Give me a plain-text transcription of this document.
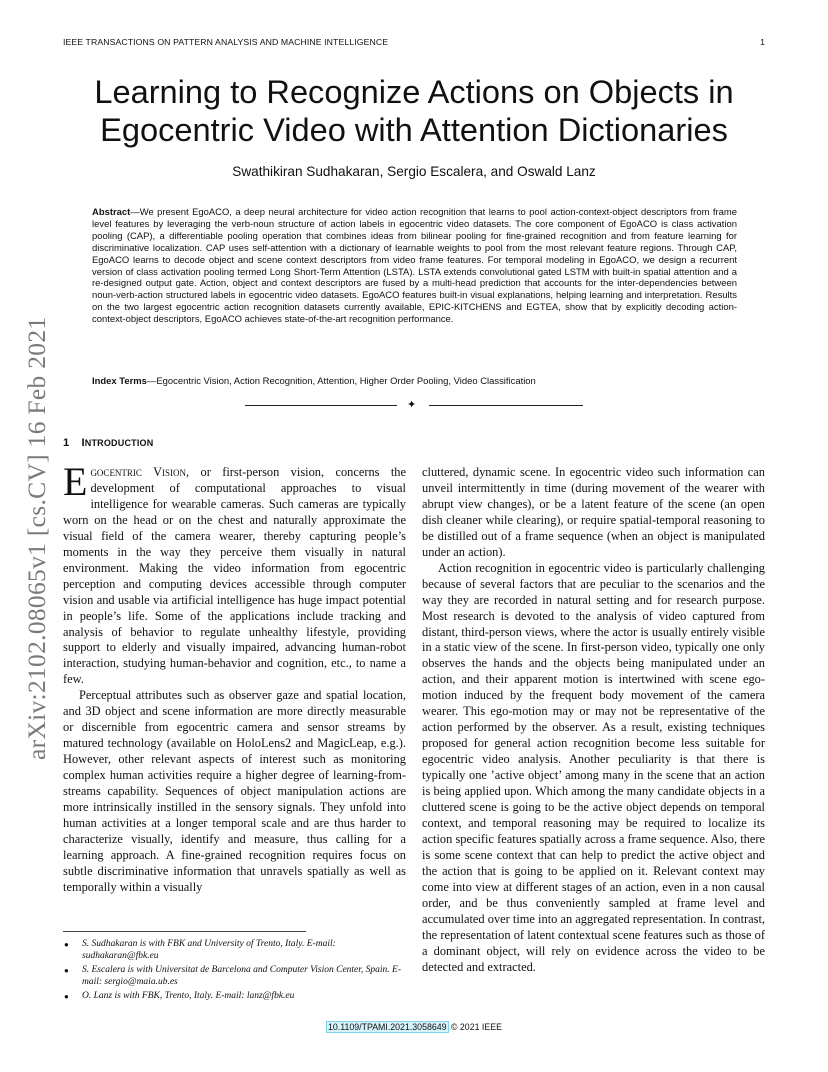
IEEE TRANSACTIONS ON PATTERN ANALYSIS AND MACHINE INTELLIGENCE	1
arXiv:2102.08065v1 [cs.CV] 16 Feb 2021
Learning to Recognize Actions on Objects in
Egocentric Video with Attention Dictionaries
Swathikiran Sudhakaran, Sergio Escalera, and Oswald Lanz
Abstract—We present EgoACO, a deep neural architecture for video action recognition that learns to pool action-context-object descriptors from frame level features by leveraging the verb-noun structure of action labels in egocentric video datasets. The core component of EgoACO is class activation pooling (CAP), a differentiable pooling operation that combines ideas from bilinear pooling for fine-grained recognition and from feature learning for discriminative localization. CAP uses self-attention with a dictionary of learnable weights to pool from the most relevant feature regions. Through CAP, EgoACO learns to decode object and scene context descriptors from video frame features. For temporal modeling in EgoACO, we design a recurrent version of class activation pooling termed Long Short-Term Attention (LSTA). LSTA extends convolutional gated LSTM with built-in spatial attention and a re-designed output gate. Action, object and context descriptors are fused by a multi-head prediction that accounts for the inter-dependencies between noun-verb-action structured labels in egocentric video datasets. EgoACO features built-in visual explanations, helping learning and interpretation. Results on the two largest egocentric action recognition datasets currently available, EPIC-KITCHENS and EGTEA, show that by explicitly decoding action-context-object descriptors, EgoACO achieves state-of-the-art recognition performance.
Index Terms—Egocentric Vision, Action Recognition, Attention, Higher Order Pooling, Video Classification
✦
1 INTRODUCTION

Egocentric Vision, or first-person vision, concerns the development of computational approaches to visual intelligence for wearable cameras. Such cameras are typically worn on the head or on the chest and naturally approximate the visual field of the camera wearer, thereby capturing people’s moments in the way they perceive them visually in natural environment. Making the video information from egocentric perception and computing devices accessible through computer vision and usable via artificial intelligence has huge impact potential in people’s life. Some of the applications include tracking and analysis of behavior to regulate unhealthy lifestyle, providing support to elderly and visually impaired, advancing human-robot interaction, studying human-behavior and cognition, etc., to name a few.

Perceptual attributes such as observer gaze and spatial location, and 3D object and scene information are more directly measurable or discernible from egocentric camera and sensor streams by matured technology (available on HoloLens2 and MagicLeap, e.g.). However, other relevant aspects of interest such as monitoring complex human activities require a higher degree of learning-from-streams capability. Sequences of object manipulation actions are more intrinsically instilled in the sensory signals. They unfold into human activities at a longer temporal scale and are thus harder to characterize visually, identify and measure, thus calling for a learning approach. A fine-grained recognition requires focus on subtle discriminative information that unravels spatially as well as temporally within a visually

cluttered, dynamic scene. In egocentric video such information can unveil intermittently in time (during movement of the wearer with abrupt view changes), or be a latent feature of the scene (an open dish cleaner while clearing), or require spatial-temporal reasoning to be distilled out of a frame sequence (when an object is manipulated under an action).

Action recognition in egocentric video is particularly challenging because of several factors that are peculiar to the scenarios and the way they are recorded in natural setting and for research purpose. Most research is devoted to the analysis of video captured from distant, third-person views, where the actor is usually entirely visible in a static view of the scene. In first-person video, typically one only observes the hands and the objects being manipulated under an action, and their apparent motion is intertwined with scene ego-motion induced by the frequent body movement of the camera wearer. This ego-motion may or may not be representative of the action performed by the observer. As a result, existing techniques proposed for general action recognition become less suitable for egocentric video analysis. Another peculiarity is that there is typically one ’active object’ among many in the scene that an action is being applied upon. Which among the many candidate objects in a cluttered scene is going to be the active object depends on temporal context, and temporal reasoning may be required to localize its action specific features spatially across a frame sequence. Also, there is some scene context that can help to predict the active object and the action that is going to be applied on it. Relevant context may come into view at different stages of an action, even in a non causal order, and be thus conveniently sampled at frame level and accumulated over time into an aggregated representation. In contrast, the representation of latent contextual scene features such as those of a dominant object, will rely on evidence across the video to be detected and extracted.

● S. Sudhakaran is with FBK and University of Trento, Italy. E-mail: sudhakaran@fbk.eu
● S. Escalera is with Universitat de Barcelona and Computer Vision Center, Spain. E-mail: sergio@maia.ub.es
● O. Lanz is with FBK, Trento, Italy. E-mail: lanz@fbk.eu
10.1109/TPAMI.2021.3058649 © 2021 IEEE
